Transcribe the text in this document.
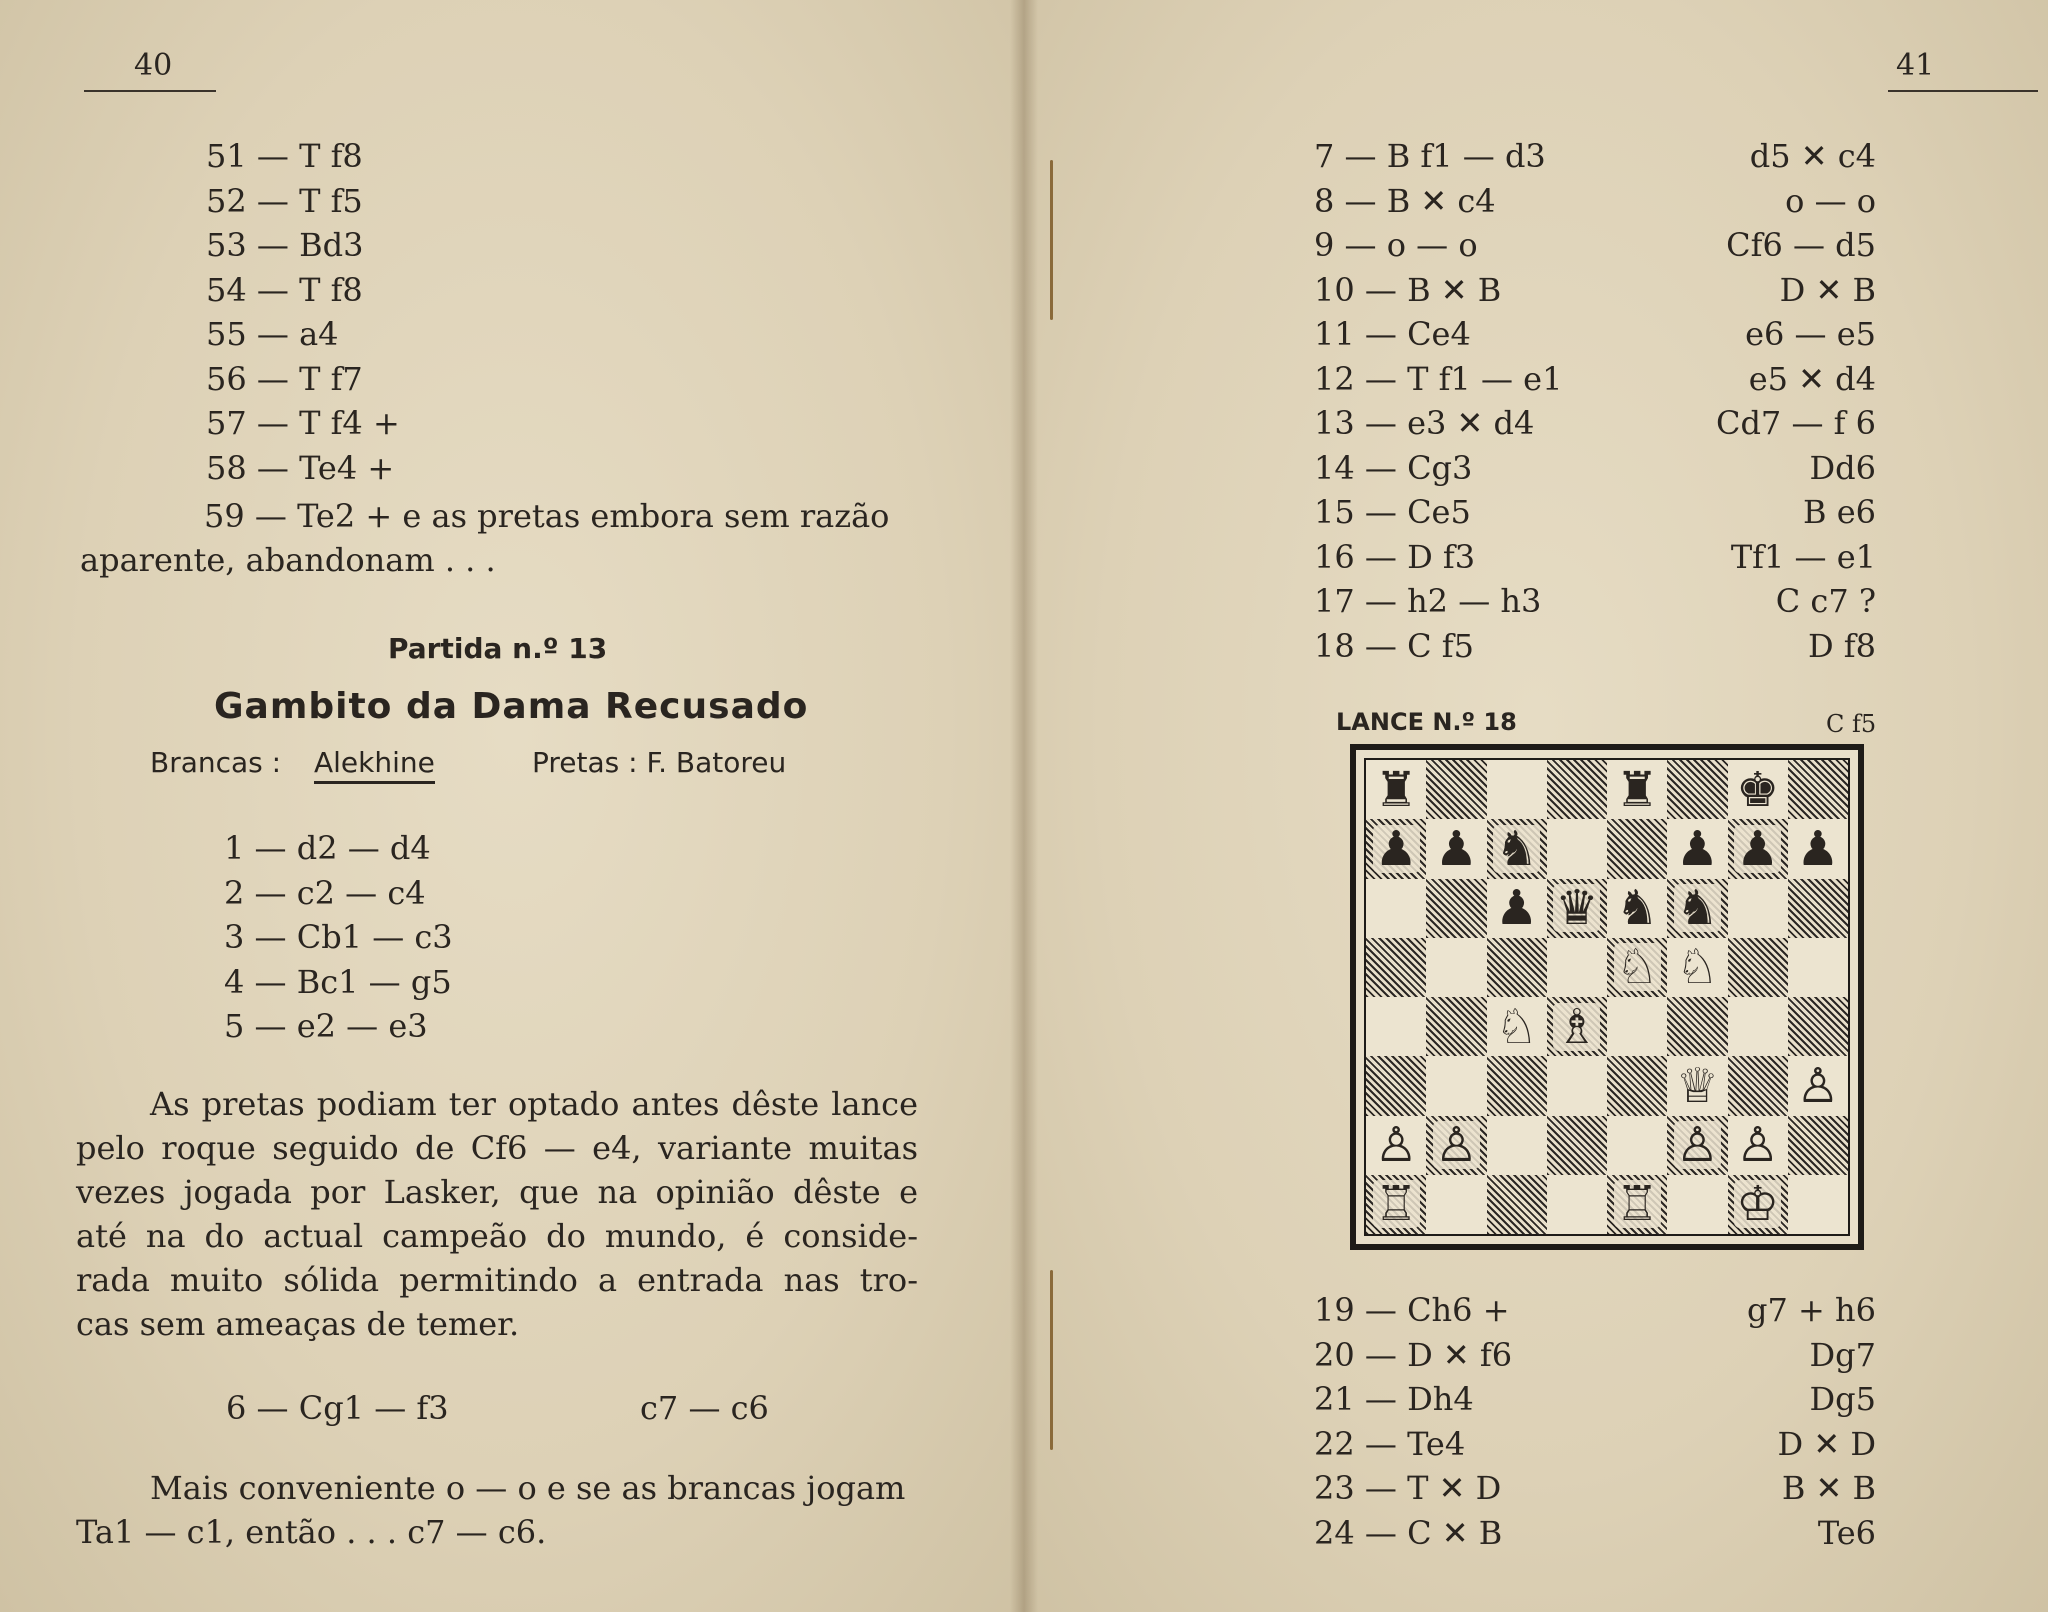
40
51 — T f8
52 — T f5
53 — Bd3
54 — T f8
55 — a4
56 — T f7
57 — T f4 +
58 — Te4 +
59 — Te2 + e as pretas embora sem razão
aparente, abandonam . . .
Partida n.º 13
Gambito da Dama Recusado
Brancas : Alekhine	Pretas : F. Batoreu
1 — d2 — d4
2 — c2 — c4
3 — Cb1 — c3
4 — Bc1 — g5
5 — e2 — e3
As pretas podiam ter optado antes dêste lance
pelo roque seguido de Cf6 — e4, variante muitas
vezes jogada por Lasker, que na opinião dêste e
até na do actual campeão do mundo, é conside-
rada muito sólida permitindo a entrada nas tro-
cas sem ameaças de temer.
6 — Cg1 — f3	c7 — c6
Mais conveniente o — o e se as brancas jogam
Ta1 — c1, então . . . c7 — c6.
41
7 — B f1 — d3	d5 ✕ c4
8 — B ✕ c4	o — o
9 — o — o	Cf6 — d5
10 — B ✕ B	D ✕ B
11 — Ce4	e6 — e5
12 — T f1 — e1	e5 ✕ d4
13 — e3 ✕ d4	Cd7 — f 6
14 — Cg3	Dd6
15 — Ce5	B e6
16 — D f3	Tf1 — e1
17 — h2 — h3	C c7 ?
18 — C f5	D f8
LANCE N.º 18	C f5
♜	♜ ♚
♟ ♟ ♞	♟ ♟ ♟
♟ ♛ ♞ ♞
♘ ♘
♘ ♗
♕ ♙
♙ ♙	♙ ♙
♖	♖ ♔
19 — Ch6 +	g7 + h6
20 — D ✕ f6	Dg7
21 — Dh4	Dg5
22 — Te4	D ✕ D
23 — T ✕ D	B ✕ B
24 — C ✕ B	Te6
